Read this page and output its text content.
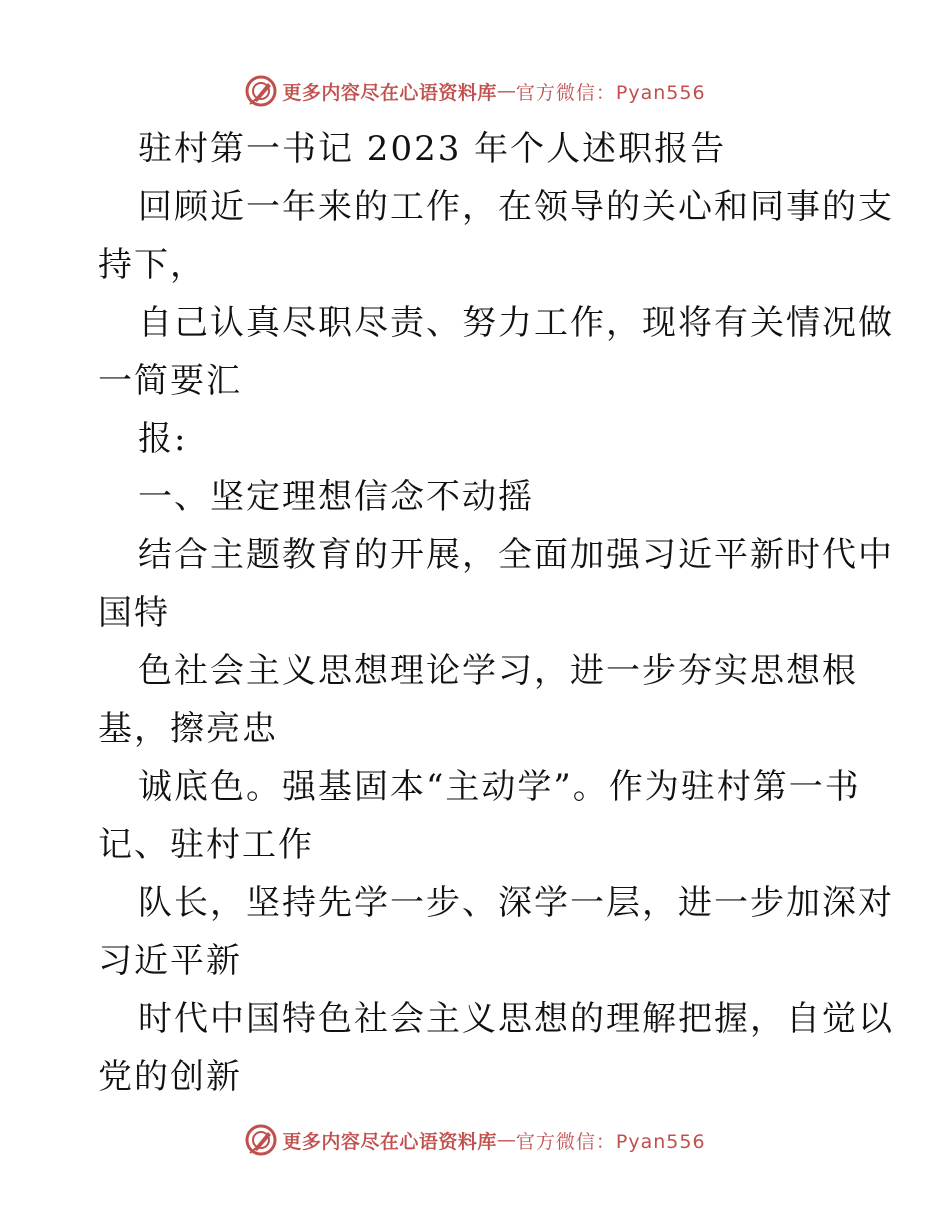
更多内容尽在心语资料库 — 官方微信：Pyan556
驻村第一书记 2023 年个人述职报告
回顾近一年来的工作，在领导的关心和同事的支
持下，
自己认真尽职尽责、努力工作，现将有关情况做
一简要汇
报:
一、坚定理想信念不动摇
结合主题教育的开展，全面加强习近平新时代中
国特
色社会主义思想理论学习，进一步夯实思想根
基，擦亮忠
诚底色。强基固本“主动学”。作为驻村第一书
记、驻村工作
队长，坚持先学一步、深学一层，进一步加深对
习近平新
时代中国特色社会主义思想的理解把握，自觉以
党的创新
更多内容尽在心语资料库 — 官方微信：Pyan556
